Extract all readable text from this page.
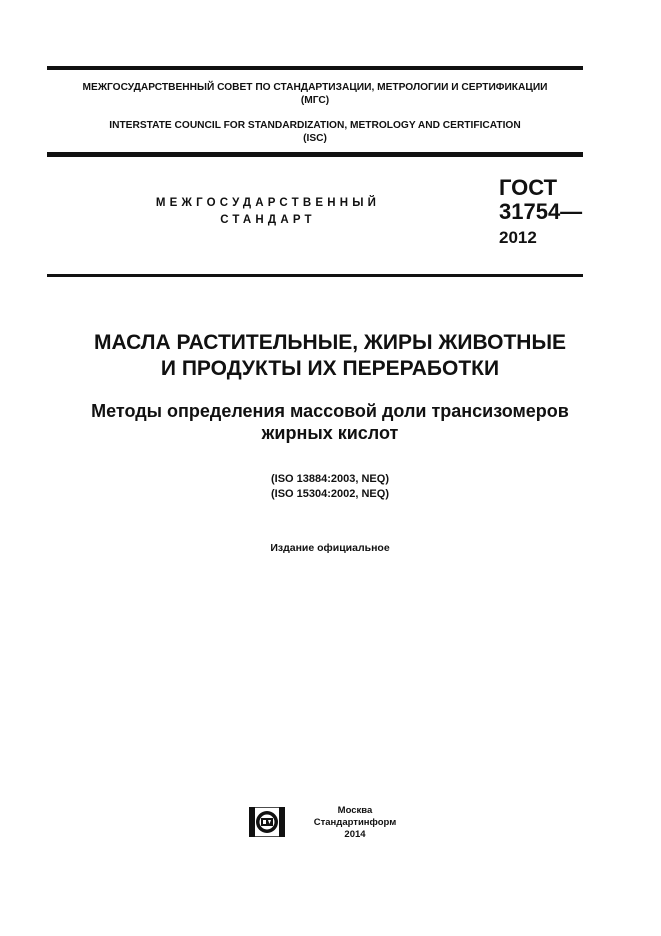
МЕЖГОСУДАРСТВЕННЫЙ СОВЕТ ПО СТАНДАРТИЗАЦИИ, МЕТРОЛОГИИ И СЕРТИФИКАЦИИ
(МГС)
INTERSTATE COUNCIL FOR STANDARDIZATION, METROLOGY AND CERTIFICATION
(ISC)
МЕЖГОСУДАРСТВЕННЫЙ
СТАНДАРТ
ГОСТ
31754—
2012
МАСЛА РАСТИТЕЛЬНЫЕ, ЖИРЫ ЖИВОТНЫЕ
И ПРОДУКТЫ ИХ ПЕРЕРАБОТКИ
Методы определения массовой доли трансизомеров
жирных кислот
(ISO 13884:2003, NEQ)
(ISO 15304:2002, NEQ)
Издание официальное
Москва
Стандартинформ
2014
